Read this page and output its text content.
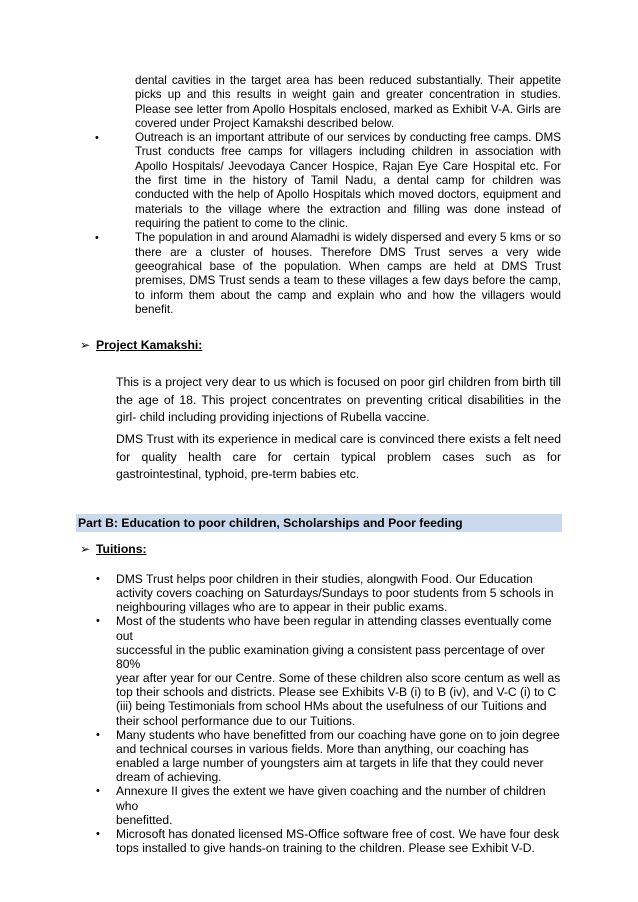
dental cavities in the target area has been reduced substantially. Their appetite picks up and this results in weight gain and greater concentration in studies. Please see letter from Apollo Hospitals enclosed, marked as Exhibit V-A. Girls are covered under Project Kamakshi described below.
•	Outreach is an important attribute of our services by conducting free camps. DMS Trust conducts free camps for villagers including children in association with Apollo Hospitals/ Jeevodaya Cancer Hospice, Rajan Eye Care Hospital etc. For the first time in the history of Tamil Nadu, a dental camp for children was conducted with the help of Apollo Hospitals which moved doctors, equipment and materials to the village where the extraction and filling was done instead of requiring the patient to come to the clinic.
•	The population in and around Alamadhi is widely dispersed and every 5 kms or so there are a cluster of houses. Therefore DMS Trust serves a very wide geeograhical base of the population. When camps are held at DMS Trust premises, DMS Trust sends a team to these villages a few days before the camp, to inform them about the camp and explain who and how the villagers would benefit.
➢ Project Kamakshi:

This is a project very dear to us which is focused on poor girl children from birth till the age of 18. This project concentrates on preventing critical disabilities in the girl- child including providing injections of Rubella vaccine.

DMS Trust with its experience in medical care is convinced there exists a felt need for quality health care for certain typical problem cases such as for gastrointestinal, typhoid, pre-term babies etc.

Part B: Education to poor children, Scholarships and Poor feeding
➢ Tuitions:
•	DMS Trust helps poor children in their studies, alongwith Food. Our Education
activity covers coaching on Saturdays/Sundays to poor students from 5 schools in
neighbouring villages who are to appear in their public exams.
•	Most of the students who have been regular in attending classes eventually come out
successful in the public examination giving a consistent pass percentage of over 80%
year after year for our Centre. Some of these children also score centum as well as
top their schools and districts. Please see Exhibits V-B (i) to B (iv), and V-C (i) to C
(iii) being Testimonials from school HMs about the usefulness of our Tuitions and
their school performance due to our Tuitions.
•	Many students who have benefitted from our coaching have gone on to join degree
and technical courses in various fields. More than anything, our coaching has
enabled a large number of youngsters aim at targets in life that they could never
dream of achieving.
•	Annexure II gives the extent we have given coaching and the number of children who
benefitted.
•	Microsoft has donated licensed MS-Office software free of cost. We have four desk
tops installed to give hands-on training to the children. Please see Exhibit V-D.
